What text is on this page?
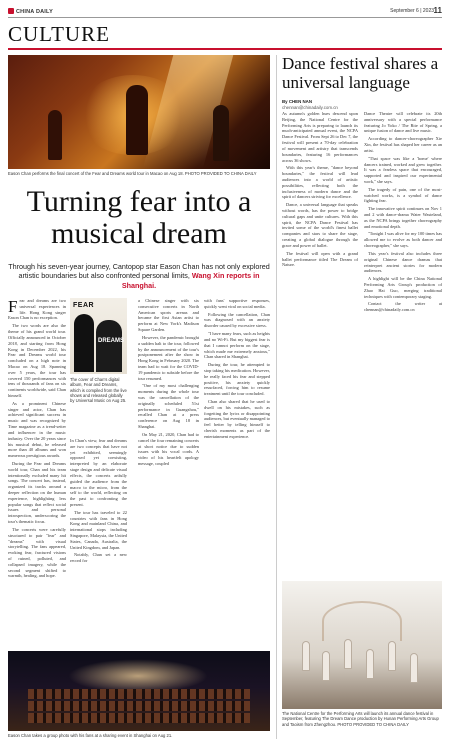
CHINA DAILY	September 6 | 2023 11
CULTURE
Eason Chan performs the final concert of the Fear and Dreams world tour in Macao on Aug 18. PHOTO PROVIDED TO CHINA DAILY
Turning fear into a musical dream
Through his seven-year journey, Cantopop star Eason Chan has not only explored artistic boundaries but also confronted personal limits, Wang Xin reports in Shanghai.

Fear and dreams are two universal experiences in life. Hong Kong singer Eason Chan is no exception.

The two words are also the theme of his grand world tour. Officially announced in October 2018, and starting from Hong Kong in December 2022, his Fear and Dreams world tour concluded on a high note in Macao on Aug 18. Spanning over 5 years, the tour has covered 150 performances with tens of thousands of fans on six continents worldwide, said Chan himself.

As a prominent Chinese singer and actor, Chan has achieved significant success in music and was recognized by Time magazine as a trend-setter and influencer in the music industry. Over the 20 years since his musical debut, he released more than 40 albums and won numerous prestigious awards.

During the Fear and Dreams world tour, Chan and his team intentionally excluded many hit songs. The concert has, instead, organized its tracks around a deeper reflection on the human experience, highlighting less popular songs that reflect social issues and personal introspection, underscoring the tour's thematic focus.

The concerts were carefully structured to pair "fear" and "dreams" with visual storytelling. The fans appeared, evoking fear, fractured visions of ruined, polluted, and collapsed imagery, while the second segment shifted to warmth, healing, and hope.

FEAR
DREAMS
The cover of Chan's digital album, Fear and Dreams, which is compiled from the live shows and released globally by Universal Music on Aug 25.

In Chan's view, fear and dreams are two concepts that have not yet exhibited, seemingly opposed yet coexisting, interpreted by an elaborate stage design and delicate visual effects, the concerts artfully guided the audience from the macro to the micro, from the self to the world, reflecting on the past to confronting the present.

The tour has traveled to 22 countries with fans in Hong Kong and mainland China, and international stops including Singapore, Malaysia, the United States, Canada, Australia, the United Kingdom, and Japan.

Notably, Chan set a new record for

a Chinese singer with six consecutive concerts in North American sports arenas and became the first Asian artist to perform at New York's Madison Square Garden.

However, the pandemic brought a sudden halt to the tour, followed by the announcement of the tour's postponement after the show in Hong Kong in February 2020. The team had to wait for the COVID-19 pandemic to subside before the tour resumed.

"One of my most challenging moments during the whole tour was the cancellation of the originally scheduled 51st performance in Guangzhou," recalled Chan at a press conference on Aug 18 in Shanghai.

On May 21, 2020, Chan had to cancel the four remaining concerts at short notice due to sudden issues with his vocal cords. A video of his heartfelt apology message, coupled

with fans' supportive responses, quickly went viral on social media.

Following the cancellation, Chan was diagnosed with an anxiety disorder caused by excessive stress.

"I have many fears, such as heights and no Wi-Fi. But my biggest fear is that I cannot perform on the stage, which made me extremely anxious," Chan shared in Shanghai.

During the tour, he attempted to stop taking his medication. However, he really faced his fear and stepped positive, his anxiety quickly resurfaced, forcing him to resume treatment until the tour concluded.

Chan also shared that he used to dwell on his mistakes, such as forgetting the lyrics or disappointing audiences, but eventually managed to feel better by telling himself to cherish moments as part of the entertainment experience.

Eason Chan takes a group photo with his fans at a sharing event in Shanghai on Aug 21.
Dance festival shares a universal language
By CHEN NAN
chennan@chinadaily.com.cn

As autumn's golden hues descend upon Beijing, the National Centre for the Performing Arts is preparing to launch its much-anticipated annual event, the NCPA Dance Festival. From Sept 26 to Dec 7, the festival will present a 70-day celebration of movement and artistry that transcends boundaries, featuring 16 performances across 36 shows.

With this year's theme, "dance beyond boundaries," the festival will lead audiences into a world of artistic possibilities, reflecting both the inclusiveness of modern dance and the spirit of dancers striving for excellence.

Dance, a universal language that speaks without words, has the power to bridge cultural gaps and unite cultures. With this spirit, the NCPA Dance Festival has invited some of the world's finest ballet companies and stars to share the stage, creating a global dialogue through the grace and power of ballet.

The festival will open with a grand ballet performance titled The Dream of Nature.

Dance Theatre will celebrate its 20th anniversary with a special performance featuring Jo Yoko / The Rite of Spring, a unique fusion of dance and live music.

According to dancer-choreographer Xie Xin, the festival has shaped her career as an artist.

"That space was like a 'home' where dancers trained, worked and grew together. It was a fearless space that encouraged, supported and inspired our experimental work," she says.

The tragedy of pain, one of the most-watched works, is a symbol of dance fighting fear.

The innovative spirit continues on Nov 1 and 2 with dance-drama Water Wasteland, as the NCPA brings together choreography and emotional depth.

"Tonight I was alive for my 100 times has allowed me to evolve as both dancer and choreographer," she says.

This year's festival also includes three original Chinese dance dramas that reinterpret ancient stories for modern audiences.

A highlight will be the China National Performing Arts Group's production of Zhao Hai Guo, merging traditional techniques with contemporary staging.

Contact the writer at chennan@chinadaily.com.cn

The National Centre for the Performing Arts will launch its annual dance festival in September, featuring The Dream Dance production by Hunan Performing Arts Group and Taoism from Zhengzhou. PHOTO PROVIDED TO CHINA DAILY
